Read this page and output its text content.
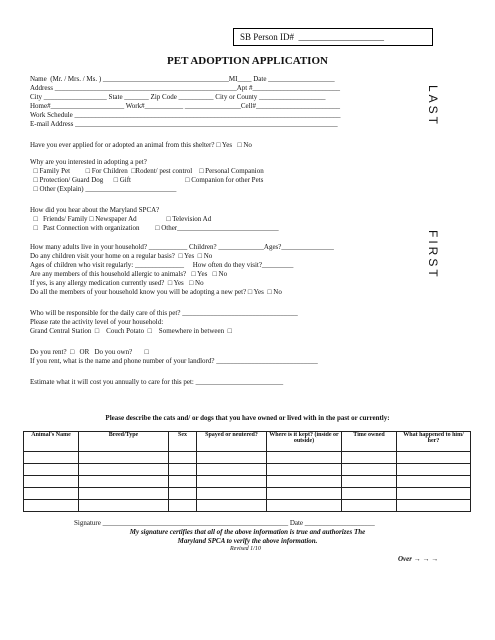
SB Person ID#  ___________________
PET ADOPTION APPLICATION
LAST
FIRST
Name  (Mr. / Mrs. / Ms. ) ____________________________________MI____ Date ___________________
Address ____________________________________________________Apt #_________________________
City __________________ State _______ Zip Code __________ City or County ___________________
Home#_____________________ Work#___________ ________________Cell#________________________
Work Schedule ____________________________________________________________________________
E-mail Address ___________________________________________________________________________
Have you ever applied for or adopted an animal from this shelter? □ Yes   □ No
Why are you interested in adopting a pet?
□ Family Pet         □ For Children  □Rodent/ pest control    □ Personal Companion
□ Protection/ Guard Dog      □ Gift                               □ Companion for other Pets
□ Other (Explain) __________________________
How did you hear about the Maryland SPCA?
□   Friends/ Family □ Newspaper Ad                 □ Television Ad
□   Past Connection with organization         □ Other_____________________________
How many adults live in your household? ___________ Children? _____________Ages?_______________
Do any children visit your home on a regular basis?  □ Yes  □ No
Ages of children who visit regularly: ______________     How often do they visit?_________
Are any members of this household allergic to animals?   □ Yes   □ No
If yes, is any allergy medication currently used?  □ Yes   □ No
Do all the members of your household know you will be adopting a new pet? □ Yes  □ No
Who will be responsible for the daily care of this pet? _________________________________
Please rate the activity level of your household:
Grand Central Station  □    Couch Potato  □    Somewhere in between  □
Do you rent?  □   OR   Do you own?       □
If you rent, what is the name and phone number of your landlord? _____________________________
Estimate what it will cost you annually to care for this pet: _________________________
Please describe the cats and/ or dogs that you have owned or lived with in the past or currently:
Animal's Name	Breed/Type	Sex	Spayed or neutered?	Where is it kept? (inside or outside)	Time owned	What happened to him/ her?

Signature _____________________________________________________ Date ____________________
My signature certifies that all of the above information is true and authorizes The
Maryland SPCA to verify the above information.
Revised 1/10
Over → → →
